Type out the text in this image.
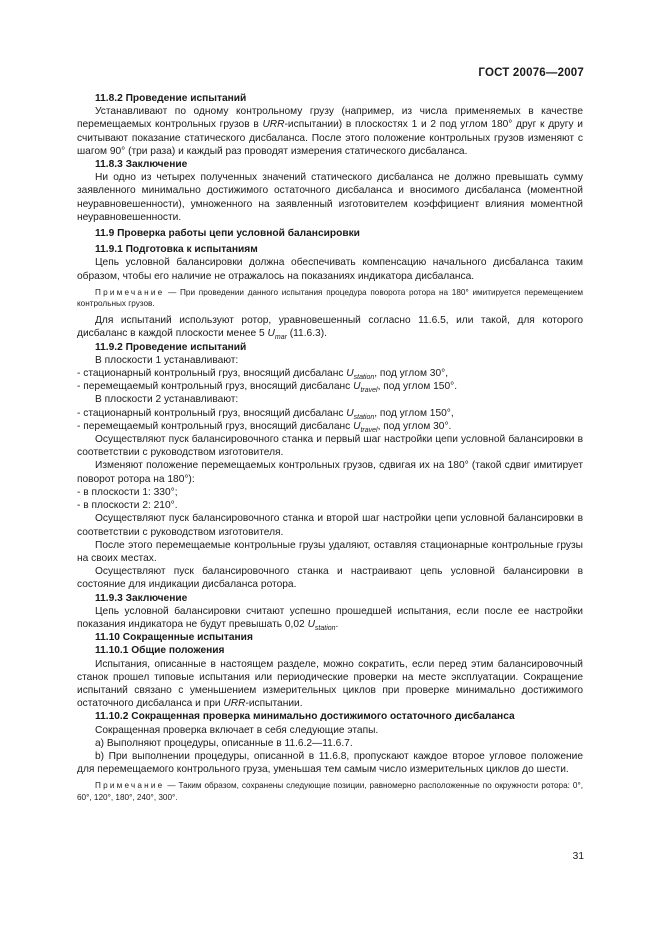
ГОСТ 20076—2007
11.8.2 Проведение испытаний

Устанавливают по одному контрольному грузу (например, из числа применяемых в качестве перемещаемых контрольных грузов в URR-испытании) в плоскостях 1 и 2 под углом 180° друг к другу и считывают показание статического дисбаланса. После этого положение контрольных грузов изменяют с шагом 90° (три раза) и каждый раз проводят измерения статического дисбаланса.

11.8.3 Заключение

Ни одно из четырех полученных значений статического дисбаланса не должно превышать сумму заявленного минимально достижимого остаточного дисбаланса и вносимого дисбаланса (моментной неуравновешенности), умноженного на заявленный изготовителем коэффициент влияния моментной неуравновешенности.

11.9 Проверка работы цепи условной балансировки
11.9.1 Подготовка к испытаниям

Цепь условной балансировки должна обеспечивать компенсацию начального дисбаланса таким образом, чтобы его наличие не отражалось на показаниях индикатора дисбаланса.

Примечание — При проведении данного испытания процедура поворота ротора на 180° имитируется перемещением контрольных грузов.

Для испытаний используют ротор, уравновешенный согласно 11.6.5, или такой, для которого дисбаланс в каждой плоскости менее 5 $U_{mar}$ (11.6.3).

11.9.2 Проведение испытаний

В плоскости 1 устанавливают:

- стационарный контрольный груз, вносящий дисбаланс $U_{station}$, под углом 30°,

- перемещаемый контрольный груз, вносящий дисбаланс $U_{travel}$, под углом 150°.

В плоскости 2 устанавливают:

- стационарный контрольный груз, вносящий дисбаланс $U_{station}$, под углом 150°,

- перемещаемый контрольный груз, вносящий дисбаланс $U_{travel}$, под углом 30°.

Осуществляют пуск балансировочного станка и первый шаг настройки цепи условной балансировки в соответствии с руководством изготовителя.

Изменяют положение перемещаемых контрольных грузов, сдвигая их на 180° (такой сдвиг имитирует поворот ротора на 180°):

- в плоскости 1: 330°;

- в плоскости 2: 210°.

Осуществляют пуск балансировочного станка и второй шаг настройки цепи условной балансировки в соответствии с руководством изготовителя.

После этого перемещаемые контрольные грузы удаляют, оставляя стационарные контрольные грузы на своих местах.

Осуществляют пуск балансировочного станка и настраивают цепь условной балансировки в состояние для индикации дисбаланса ротора.

11.9.3 Заключение

Цепь условной балансировки считают успешно прошедшей испытания, если после ее настройки показания индикатора не будут превышать 0,02 $U_{station}$.

11.10 Сокращенные испытания
11.10.1 Общие положения

Испытания, описанные в настоящем разделе, можно сократить, если перед этим балансировочный станок прошел типовые испытания или периодические проверки на месте эксплуатации. Сокращение испытаний связано с уменьшением измерительных циклов при проверке минимально достижимого остаточного дисбаланса и при URR-испытании.

11.10.2 Сокращенная проверка минимально достижимого остаточного дисбаланса

Сокращенная проверка включает в себя следующие этапы.

а) Выполняют процедуры, описанные в 11.6.2—11.6.7.

b) При выполнении процедуры, описанной в 11.6.8, пропускают каждое второе угловое положение для перемещаемого контрольного груза, уменьшая тем самым число измерительных циклов до шести.

Примечание — Таким образом, сохранены следующие позиции, равномерно расположенные по окружности ротора: 0°, 60°, 120°, 180°, 240°, 300°.

31
